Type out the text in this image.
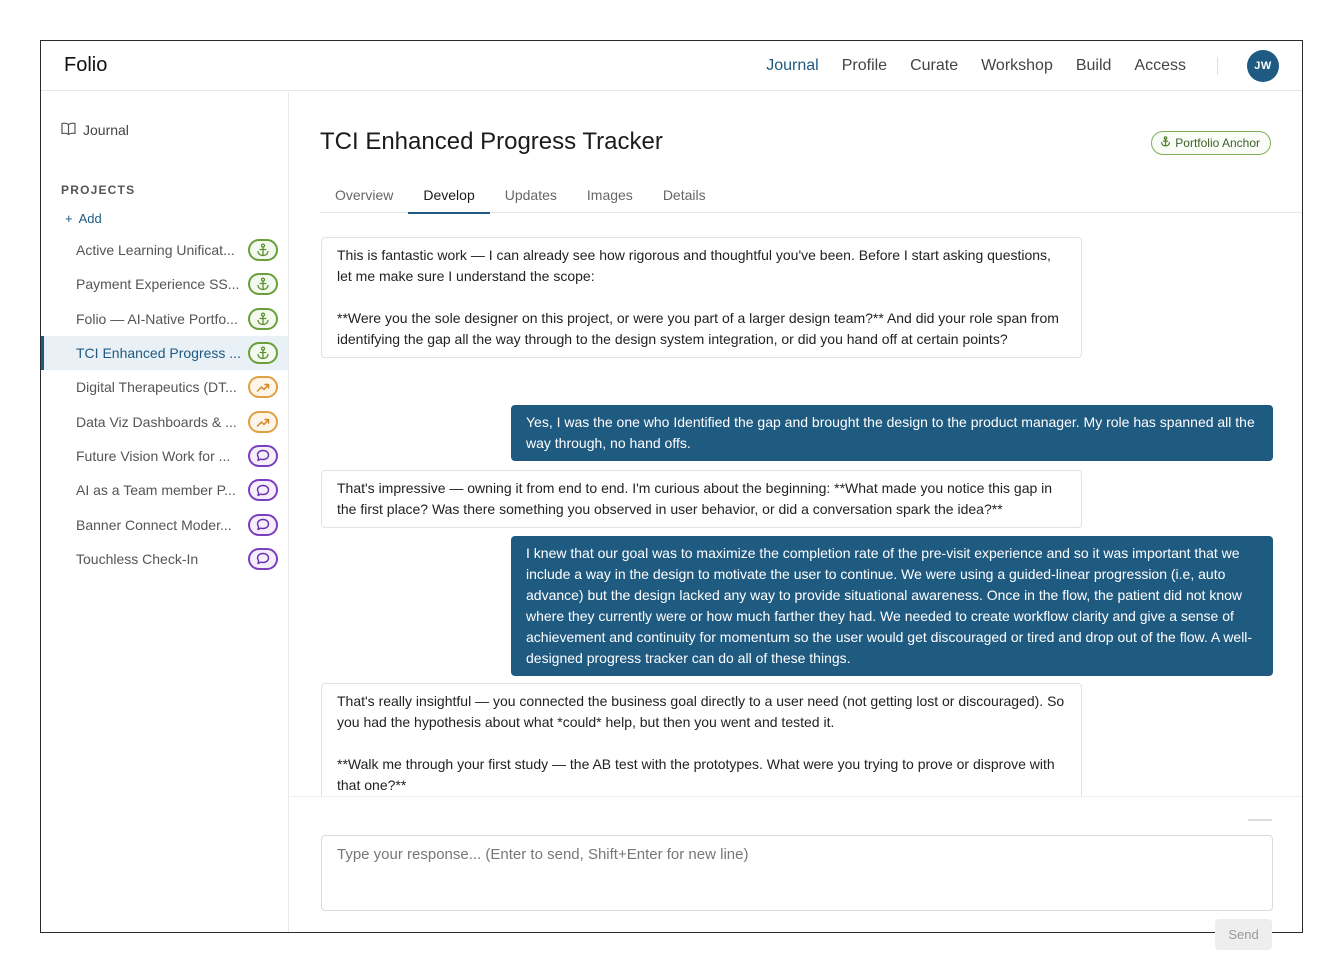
Folio	Journal Profile Curate Workshop Build Access	JW
Journal
PROJECTS
+ Add
Active Learning Unificat...
Payment Experience SS...
Folio — AI-Native Portfo...
TCI Enhanced Progress ...
Digital Therapeutics (DT...
Data Viz Dashboards & ...
Future Vision Work for ...
AI as a Team member P...
Banner Connect Moder...
Touchless Check-In
TCI Enhanced Progress Tracker	Portfolio Anchor
Overview	Develop	Updates	Images	Details

This is fantastic work — I can already see how rigorous and thoughtful you've been. Before I start asking questions, let me make sure I understand the scope:

**Were you the sole designer on this project, or were you part of a larger design team?** And did your role span from identifying the gap all the way through to the design system integration, or did you hand off at certain points?

Yes, I was the one who Identified the gap and brought the design to the product manager. My role has spanned all the way through, no hand offs.

That's impressive — owning it from end to end. I'm curious about the beginning: **What made you notice this gap in the first place? Was there something you observed in user behavior, or did a conversation spark the idea?**

I knew that our goal was to maximize the completion rate of the pre-visit experience and so it was important that we include a way in the design to motivate the user to continue. We were using a guided-linear progression (i.e, auto advance) but the design lacked any way to provide situational awareness. Once in the flow, the patient did not know where they currently were or how much farther they had. We needed to create workflow clarity and give a sense of achievement and continuity for momentum so the user would get discouraged or tired and drop out of the flow. A well-designed progress tracker can do all of these things.

That's really insightful — you connected the business goal directly to a user need (not getting lost or discouraged). So you had the hypothesis about what *could* help, but then you went and tested it.

**Walk me through your first study — the AB test with the prototypes. What were you trying to prove or disprove with that one?**

Type your response... (Enter to send, Shift+Enter for new line)
Send
